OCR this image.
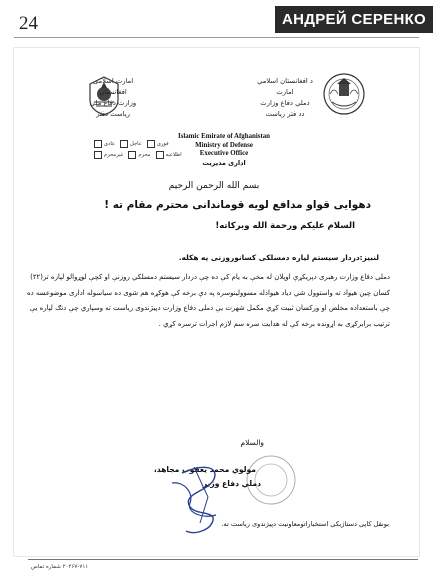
24	АНДРЕЙ СЕРЕНКО
امارت اسلامی افغانستان
وزارت دفاع ملی
ریاست دفتر
د افغانستان اسلامي امارت
دملي دفاع وزارت
دد فتر ریاست
Islamic Emirate of Afghanistan
Ministry of Defense
Executive Office
اداری مدیریت
فوری
عاجل
عادی
اطلاعیه
محرم
غیرمحرم
بسم الله الرحمن الرحیم
دهوایی قواو مدافع لویه قوماندانی محترم مقام ته !
السلام علیکم ورحمة الله وبرکاته!
لنبیز:دردار سیستم لیاره دمسلکی کسانوروزنی په هکله.
دملی دفاع وزارت رهبری دپریکړې اوپلان له مخې به یام کې ده چې دردار سیستم دمسلکي روزنې او کچې لوړوالو لپاره تر(۲۲) کسان چین هیواد ته واستوول شي دیاد هیوادله مسوولینوسره په دې برخه کې هوکړه هم شوی ده سیاسوله اداری موضوعسه ده چې باستعداده مخلص او ورکسان ثبیت کړي مکمل شهرت یې دملی دفاع وزارت دپیژندوی ریاست ته وسپاري چې دنګ لپاره يې ترتیب برابرکړی به اړونده برخه کې له هدایت سره سم لازم اجرات ترسره کړي .
والسلام
مولوي محمد یعقوب مجاهد،
دملي دفاع وزیر
بونقل کاپی دستاژیکی استخباراتومعاونیت دپیژندوی ریاست ته.
۲۰۲۶۷-۷۱۱ شماره تماس
